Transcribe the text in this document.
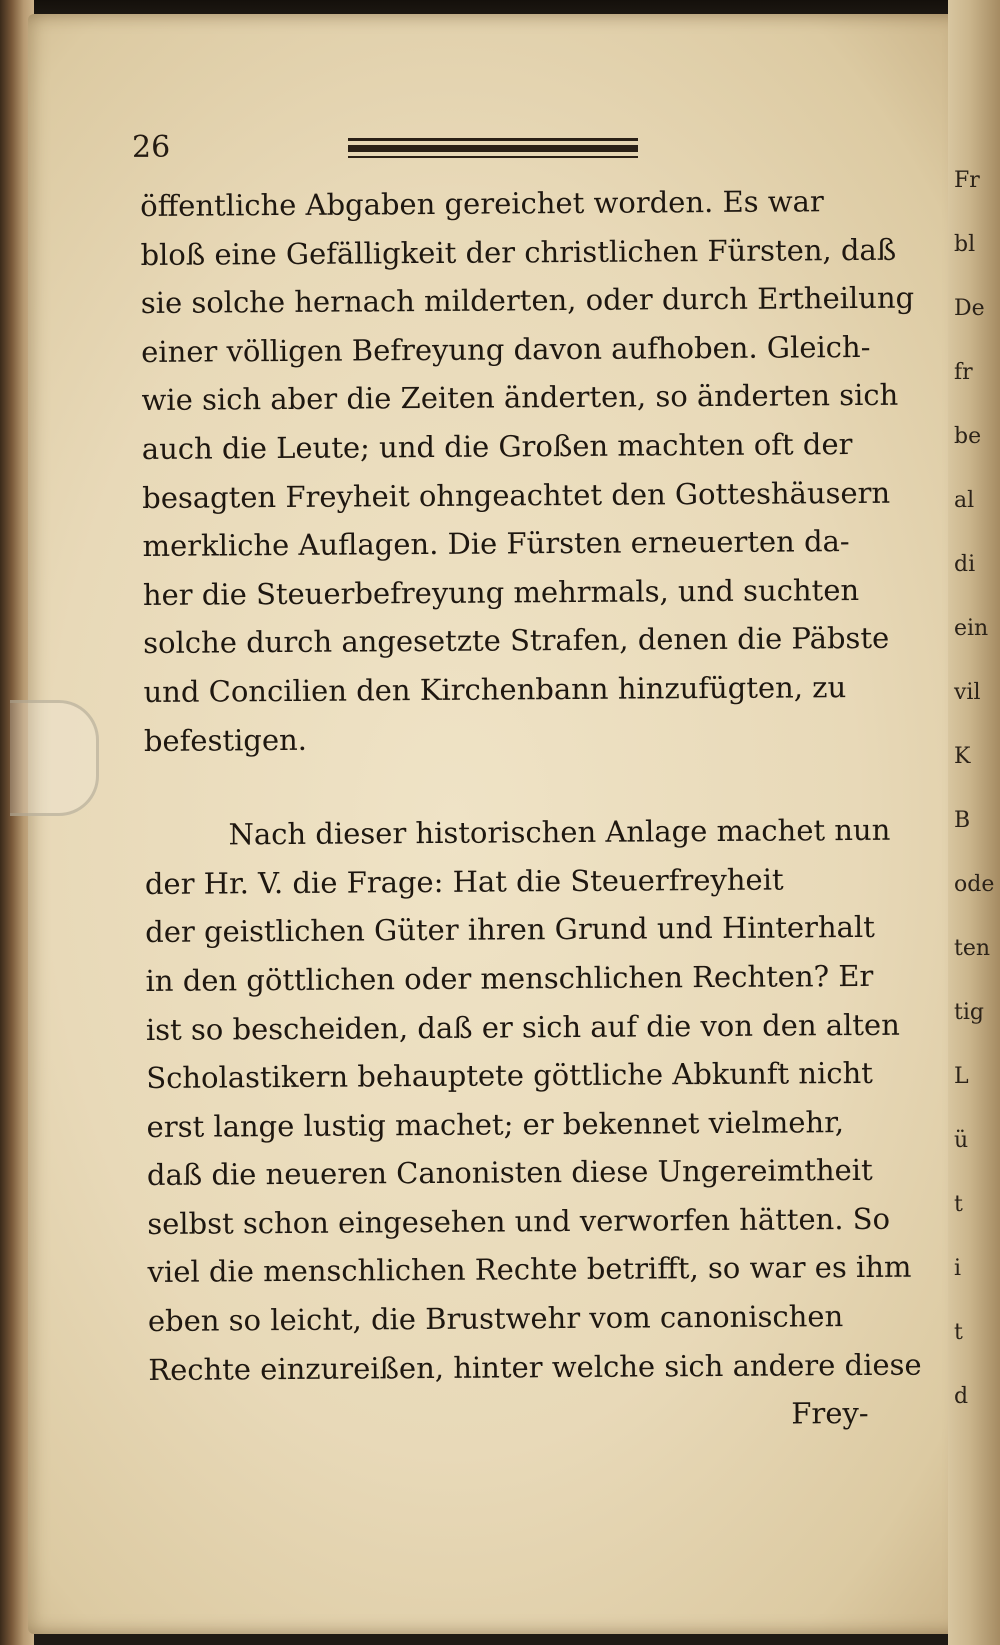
Fr
bl
De
fr
be
al
di
ein
vil
K
B
ode
ten
tig
L
ü
t
i
t
d
26
öffentliche Abgaben gereichet worden. Es war
bloß eine Gefälligkeit der christlichen Fürsten, daß
sie solche hernach milderten, oder durch Ertheilung
einer völligen Befreyung davon aufhoben. Gleich-
wie sich aber die Zeiten änderten, so änderten sich
auch die Leute; und die Großen machten oft der
besagten Freyheit ohngeachtet den Gotteshäusern
merkliche Auflagen. Die Fürsten erneuerten da-
her die Steuerbefreyung mehrmals, und suchten
solche durch angesetzte Strafen, denen die Päbste
und Concilien den Kirchenbann hinzufügten, zu
befestigen.
Nach dieser historischen Anlage machet nun
der Hr. V. die Frage: Hat die Steuerfreyheit
der geistlichen Güter ihren Grund und Hinterhalt
in den göttlichen oder menschlichen Rechten? Er
ist so bescheiden, daß er sich auf die von den alten
Scholastikern behauptete göttliche Abkunft nicht
erst lange lustig machet; er bekennet vielmehr,
daß die neueren Canonisten diese Ungereimtheit
selbst schon eingesehen und verworfen hätten. So
viel die menschlichen Rechte betrifft, so war es ihm
eben so leicht, die Brustwehr vom canonischen
Rechte einzureißen, hinter welche sich andere diese
Frey-
